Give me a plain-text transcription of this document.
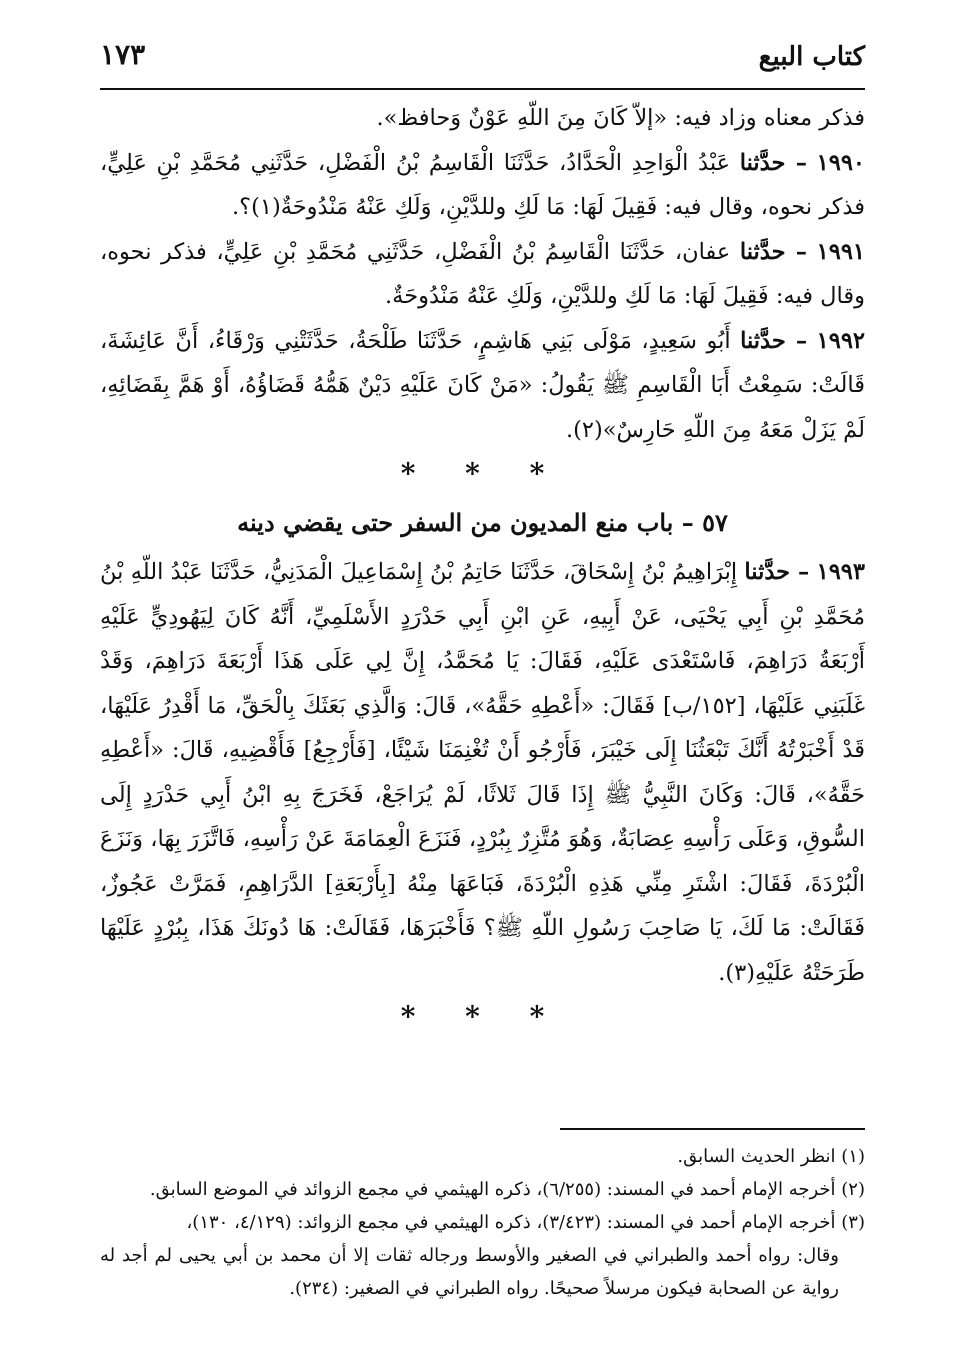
كتاب البيع
١٧٣

فذكر معناه وزاد فيه: «إلاّ كَانَ مِنَ اللّهِ عَوْنٌ وَحافظ».

١٩٩٠ – حدَّثنا عَبْدُ الْوَاحِدِ الْحَدَّادُ، حَدَّثَنَا الْقَاسِمُ بْنُ الْفَضْلِ، حَدَّثَنِي مُحَمَّدِ بْنِ عَلِيٍّ، فذكر نحوه، وقال فيه: فَقِيلَ لَهَا: مَا لَكِ وللدَّيْنِ، وَلَكِ عَنْهُ مَنْدُوحَةٌ(١)؟.

١٩٩١ – حدَّثنا عفان، حَدَّثَنَا الْقَاسِمُ بْنُ الْفَضْلِ، حَدَّثَنِي مُحَمَّدِ بْنِ عَلِيٍّ، فذكر نحوه، وقال فيه: فَقِيلَ لَهَا: مَا لَكِ وللدَّيْنِ، وَلَكِ عَنْهُ مَنْدُوحَةٌ.

١٩٩٢ – حدَّثنا أَبُو سَعِيدٍ، مَوْلَى بَنِي هَاشِمٍ، حَدَّثَنَا طَلْحَةُ، حَدَّثَتْنِي وَرْقَاءُ، أَنَّ عَائِشَةَ، قَالَتْ: سَمِعْتُ أَبَا الْقَاسِمِ ﷺ يَقُولُ: «مَنْ كَانَ عَلَيْهِ دَيْنٌ هَمُّهُ قَضَاؤُهُ، أَوْ هَمَّ بِقَضَائِهِ، لَمْ يَزَلْ مَعَهُ مِنَ اللّهِ حَارِسٌ»(٢).

* * *
٥٧ – باب منع المديون من السفر حتى يقضي دينه

١٩٩٣ – حدَّثنا إِبْرَاهِيمُ بْنُ إِسْحَاقَ، حَدَّثَنَا حَاتِمُ بْنُ إِسْمَاعِيلَ الْمَدَنِيُّ، حَدَّثَنَا عَبْدُ اللّهِ بْنُ مُحَمَّدِ بْنِ أَبِي يَحْيَى، عَنْ أَبِيهِ، عَنِ ابْنِ أَبِي حَدْرَدٍ الأَسْلَمِيِّ، أَنَّهُ كَانَ لِيَهُودِيٍّ عَلَيْهِ أَرْبَعَةُ دَرَاهِمَ، فَاسْتَعْدَى عَلَيْهِ، فَقَالَ: يَا مُحَمَّدُ، إِنَّ لِي عَلَى هَذَا أَرْبَعَةَ دَرَاهِمَ، وَقَدْ غَلَبَنِي عَلَيْهَا، [١٥٢/ب] فَقَالَ: «أَعْطِهِ حَقَّهُ»، قَالَ: وَالَّذِي بَعَثَكَ بِالْحَقِّ، مَا أَقْدِرُ عَلَيْهَا، قَدْ أَخْبَرْتُهُ أَنَّكَ تَبْعَثُنَا إِلَى خَيْبَرَ، فَأَرْجُو أَنْ تُغْنِمَنَا شَيْئًا، [فَأَرْجِعُ] فَأَقْضِيهِ، قَالَ: «أَعْطِهِ حَقَّهُ»، قَالَ: وَكَانَ النَّبِيُّ ﷺ إِذَا قَالَ ثَلاثًا، لَمْ يُرَاجَعْ، فَخَرَجَ بِهِ ابْنُ أَبِي حَدْرَدٍ إِلَى السُّوقِ، وَعَلَى رَأْسِهِ عِصَابَةٌ، وَهُوَ مُتَّزِرٌ بِبُرْدٍ، فَنَزَعَ الْعِمَامَةَ عَنْ رَأْسِهِ، فَاتَّزَرَ بِهَا، وَنَزَعَ الْبُرْدَةَ، فَقَالَ: اشْتَرِ مِنِّي هَذِهِ الْبُرْدَةَ، فَبَاعَهَا مِنْهُ [بِأَرْبَعَةِ] الدَّرَاهِمِ، فَمَرَّتْ عَجُوزٌ، فَقَالَتْ: مَا لَكَ، يَا صَاحِبَ رَسُولِ اللّهِ ﷺ؟ فَأَخْبَرَهَا، فَقَالَتْ: هَا دُونَكَ هَذَا، بِبُرْدٍ عَلَيْهَا طَرَحَتْهُ عَلَيْهِ(٣).

* * *

(١) انظر الحديث السابق.

(٢) أخرجه الإمام أحمد في المسند: (٦/٢٥٥)، ذكره الهيثمي في مجمع الزوائد في الموضع السابق.

(٣) أخرجه الإمام أحمد في المسند: (٣/٤٢٣)، ذكره الهيثمي في مجمع الزوائد: (٤/١٢٩، ١٣٠)،

وقال: رواه أحمد والطبراني في الصغير والأوسط ورجاله ثقات إلا أن محمد بن أبي يحيى لم أجد له رواية عن الصحابة فيكون مرسلاً صحيحًا. رواه الطبراني في الصغير: (٢٣٤).
